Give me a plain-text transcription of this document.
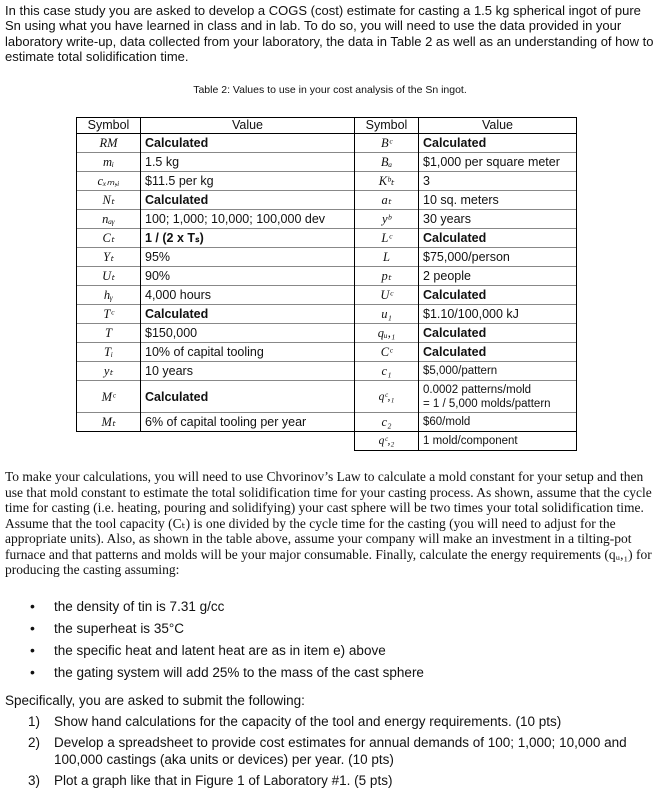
In this case study you are asked to develop a COGS (cost) estimate for casting a 1.5 kg spherical ingot of pure Sn using what you have learned in class and in lab. To do so, you will need to use the data provided in your laboratory write-up, data collected from your laboratory, the data in Table 2 as well as an understanding of how to estimate total solidification time.

Table 2: Values to use in your cost analysis of the Sn ingot.

Symbol	Value	Symbol	Value
RM	Calculated	Bᶜ	Calculated
mᵢ	1.5 kg	Bₐ	$1,000 per square meter
cₓₘ,ᵢ	$11.5 per kg	Kᵇₜ	3
Nₜ	Calculated	aₜ	10 sq. meters
nₐᵧ	100; 1,000; 10,000; 100,000 dev	yᵇ	30 years
Cₜ	1 / (2 x Tₛ)	Lᶜ	Calculated
Yₜ	95%	L	$75,000/person
Uₜ	90%	pₜ	2 people
hᵧ	4,000 hours	Uᶜ	Calculated
Tᶜ	Calculated	u₁	$1.10/100,000 kJ
T	$150,000	qᵤ,₁	Calculated
Tᵢ	10% of capital tooling	Cᶜ	Calculated
yₜ	10 years	c₁	$5,000/pattern
Mᶜ	Calculated	qᶜ,₁	0.0002 patterns/mold
= 1 / 5,000 molds/pattern

Mₜ	6% of capital tooling per year	c₂	$60/mold
		qᶜ,₂	1 mold/component

To make your calculations, you will need to use Chvorinov’s Law to calculate a mold constant for your setup and then use that mold constant to estimate the total solidification time for your casting process. As shown, assume that the cycle time for casting (i.e. heating, pouring and solidifying) your cast sphere will be two times your total solidification time. Assume that the tool capacity (Cₜ) is one divided by the cycle time for the casting (you will need to adjust for the appropriate units). Also, as shown in the table above, assume your company will make an investment in a tilting-pot furnace and that patterns and molds will be your major consumable. Finally, calculate the energy requirements (qᵤ,₁) for producing the casting assuming:

•	the density of tin is 7.31 g/cc
•	the superheat is 35°C
•	the specific heat and latent heat are as in item e) above
•	the gating system will add 25% to the mass of the cast sphere

Specifically, you are asked to submit the following:

1)	Show hand calculations for the capacity of the tool and energy requirements. (10 pts)
2)	Develop a spreadsheet to provide cost estimates for annual demands of 100; 1,000; 10,000 and 100,000 castings (aka units or devices) per year. (10 pts)
3)	Plot a graph like that in Figure 1 of Laboratory #1. (5 pts)
